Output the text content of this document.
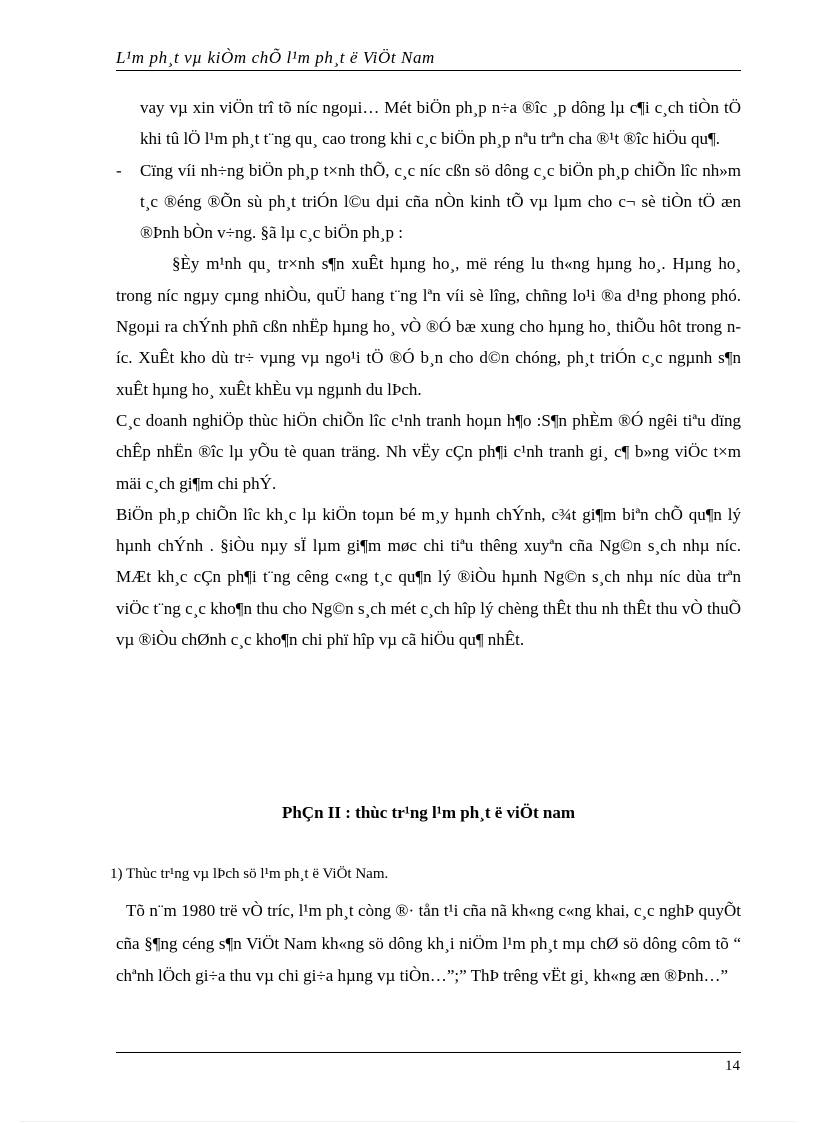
L¹m ph¸t vµ kiÒm chÕ l¹m ph¸t ë ViÖt Nam

vay vµ xin viÖn trî tõ níc ngoµi… Mét biÖn ph¸p n÷a ®îc ¸p dông lµ c¶i c¸ch tiÒn tÖ khi tû lÖ l¹m ph¸t t¨ng qu¸ cao trong khi c¸c biÖn ph¸p nªu trªn cha ®¹t ®îc hiÖu qu¶.

- Cïng víi nh÷ng biÖn ph¸p t×nh thÕ, c¸c níc cßn sö dông c¸c biÖn ph¸p chiÕn lîc nh»m t¸c ®éng ®Õn sù ph¸t triÓn l©u dµi cña nÒn kinh tÕ vµ lµm cho c¬ sè tiÒn tÖ æn ®Þnh bÒn v÷ng. §ã lµ c¸c biÖn ph¸p :

§Èy m¹nh qu¸ tr×nh s¶n xuÊt hµng ho¸, më réng lu th«ng hµng ho¸. Hµng ho¸ trong níc ngµy cµng nhiÒu, quÜ hang t¨ng lªn víi sè lîng, chñng lo¹i ®a d¹ng phong phó. Ngoµi ra chÝnh phñ cßn nhËp hµng ho¸ vÒ ®Ó bæ xung cho hµng ho¸ thiÕu hôt trong níc. XuÊt kho dù tr÷ vµng vµ ngo¹i tÖ ®Ó b¸n cho d©n chóng, ph¸t triÓn c¸c ngµnh s¶n xuÊt hµng ho¸ xuÊt khÈu vµ ngµnh du lÞch.

C¸c doanh nghiÖp thùc hiÖn chiÕn lîc c¹nh tranh hoµn h¶o :S¶n phÈm ®Ó ngêi tiªu dïng chÊp nhËn ®îc lµ yÕu tè quan träng. Nh vËy cÇn ph¶i c¹nh tranh gi¸ c¶ b»ng viÖc t×m mäi c¸ch gi¶m chi phÝ.

BiÖn ph¸p chiÕn lîc kh¸c lµ kiÖn toµn bé m¸y hµnh chÝnh, c¾t gi¶m biªn chÕ qu¶n lý hµnh chÝnh . §iÒu nµy sÏ lµm gi¶m møc chi tiªu thêng xuyªn cña Ng©n s¸ch nhµ níc. MÆt kh¸c cÇn ph¶i t¨ng cêng c«ng t¸c qu¶n lý ®iÒu hµnh Ng©n s¸ch nhµ níc dùa trªn viÖc t¨ng c¸c kho¶n thu cho Ng©n s¸ch mét c¸ch hîp lý chèng thÊt thu nh thÊt thu vÒ thuÕ vµ ®iÒu chØnh c¸c kho¶n chi phï hîp vµ cã hiÖu qu¶ nhÊt.

PhÇn II : thùc tr¹ng l¹m ph¸t ë viÖt nam
1) Thùc tr¹ng vµ lÞch sö l¹m ph¸t ë ViÖt Nam.

Tõ n¨m 1980 trë vÒ tríc, l¹m ph¸t còng ®· tån t¹i cña nã kh«ng c«ng khai, c¸c nghÞ quyÕt cña §¶ng céng s¶n ViÖt Nam kh«ng sö dông kh¸i niÖm l¹m ph¸t mµ chØ sö dông côm tõ “ chªnh lÖch gi÷a thu vµ chi gi÷a hµng vµ tiÒn…”;” ThÞ trêng vËt gi¸ kh«ng æn ®Þnh…”

14
